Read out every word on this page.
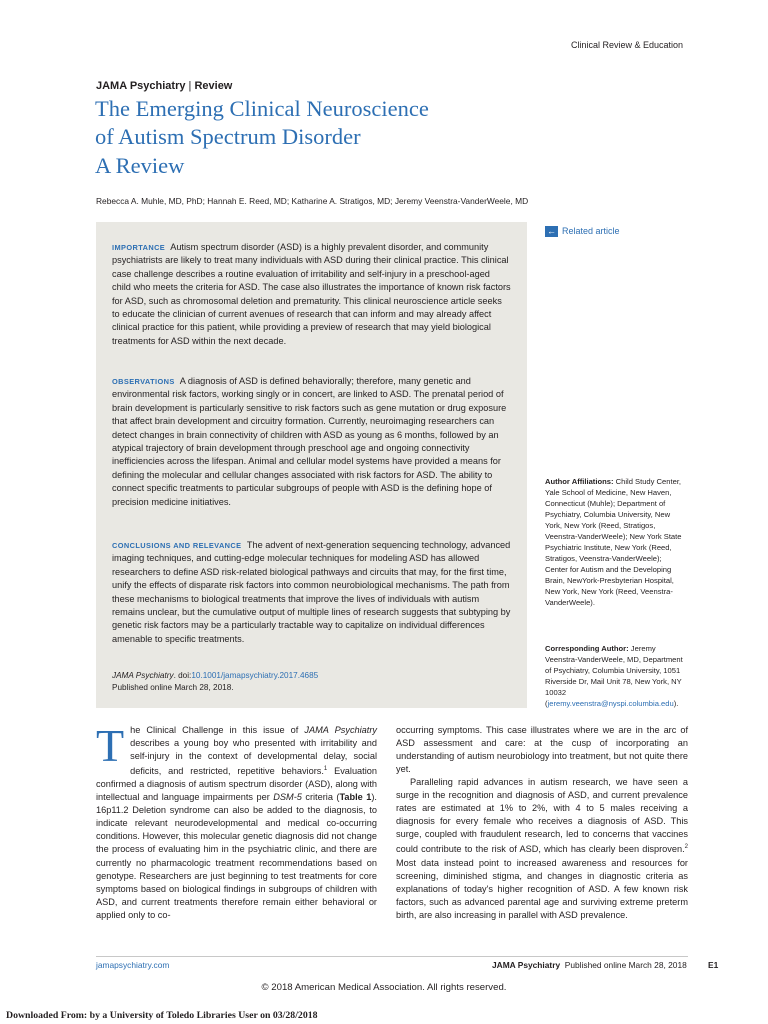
Clinical Review & Education
JAMA Psychiatry | Review
The Emerging Clinical Neuroscience
of Autism Spectrum Disorder
A Review
Rebecca A. Muhle, MD, PhD; Hannah E. Reed, MD; Katharine A. Stratigos, MD; Jeremy Veenstra-VanderWeele, MD

IMPORTANCE Autism spectrum disorder (ASD) is a highly prevalent disorder, and community psychiatrists are likely to treat many individuals with ASD during their clinical practice. This clinical case challenge describes a routine evaluation of irritability and self-injury in a preschool-aged child who meets the criteria for ASD. The case also illustrates the importance of known risk factors for ASD, such as chromosomal deletion and prematurity. This clinical neuroscience article seeks to educate the clinician of current avenues of research that can inform and may already affect clinical practice for this patient, while providing a preview of research that may yield biological treatments for ASD within the next decade.

OBSERVATIONS A diagnosis of ASD is defined behaviorally; therefore, many genetic and environmental risk factors, working singly or in concert, are linked to ASD. The prenatal period of brain development is particularly sensitive to risk factors such as gene mutation or drug exposure that affect brain development and circuitry formation. Currently, neuroimaging researchers can detect changes in brain connectivity of children with ASD as young as 6 months, followed by an atypical trajectory of brain development through preschool age and ongoing connectivity inefficiencies across the lifespan. Animal and cellular model systems have provided a means for defining the molecular and cellular changes associated with risk factors for ASD. The ability to connect specific treatments to particular subgroups of people with ASD is the defining hope of precision medicine initiatives.

CONCLUSIONS AND RELEVANCE The advent of next-generation sequencing technology, advanced imaging techniques, and cutting-edge molecular techniques for modeling ASD has allowed researchers to define ASD risk-related biological pathways and circuits that may, for the first time, unify the effects of disparate risk factors into common neurobiological mechanisms. The path from these mechanisms to biological treatments that improve the lives of individuals with autism remains unclear, but the cumulative output of multiple lines of research suggests that subtyping by genetic risk factors may be a particularly tractable way to capitalize on individual differences amenable to specific treatments.

JAMA Psychiatry. doi:10.1001/jamapsychiatry.2017.4685
Published online March 28, 2018.
← Related article
Author Affiliations: Child Study Center, Yale School of Medicine, New Haven, Connecticut (Muhle); Department of Psychiatry, Columbia University, New York, New York (Reed, Stratigos, Veenstra-VanderWeele); New York State Psychiatric Institute, New York (Reed, Stratigos, Veenstra-VanderWeele); Center for Autism and the Developing Brain, NewYork-Presbyterian Hospital, New York, New York (Reed, Veenstra-VanderWeele).
Corresponding Author: Jeremy Veenstra-VanderWeele, MD, Department of Psychiatry, Columbia University, 1051 Riverside Dr, Mail Unit 78, New York, NY 10032 (jeremy.veenstra@nyspi.columbia.edu).

The Clinical Challenge in this issue of JAMA Psychiatry describes a young boy who presented with irritability and self-injury in the context of developmental delay, social deficits, and restricted, repetitive behaviors.$^1$ Evaluation confirmed a diagnosis of autism spectrum disorder (ASD), along with intellectual and language impairments per DSM-5 criteria (Table 1). 16p11.2 Deletion syndrome can also be added to the diagnosis, to indicate relevant neurodevelopmental and medical co-occurring conditions. However, this molecular genetic diagnosis did not change the process of evaluating him in the psychiatric clinic, and there are currently no pharmacologic treatment recommendations based on genotype. Researchers are just beginning to test treatments for core symptoms based on biological findings in subgroups of children with ASD, and current treatments therefore remain either behavioral or applied only to co-

occurring symptoms. This case illustrates where we are in the arc of ASD assessment and care: at the cusp of incorporating an understanding of autism neurobiology into treatment, but not quite there yet.

Paralleling rapid advances in autism research, we have seen a surge in the recognition and diagnosis of ASD, and current prevalence rates are estimated at 1% to 2%, with 4 to 5 males receiving a diagnosis for every female who receives a diagnosis of ASD. This surge, coupled with fraudulent research, led to concerns that vaccines could contribute to the risk of ASD, which has clearly been disproven.$^2$ Most data instead point to increased awareness and resources for screening, diminished stigma, and changes in diagnostic criteria as explanations of today's higher recognition of ASD. A few known risk factors, such as advanced parental age and surviving extreme preterm birth, are also increasing in parallel with ASD prevalence.

jamapsychiatry.com	JAMA Psychiatry Published online March 28, 2018	E1
© 2018 American Medical Association. All rights reserved.
Downloaded From: by a University of Toledo Libraries User on 03/28/2018
